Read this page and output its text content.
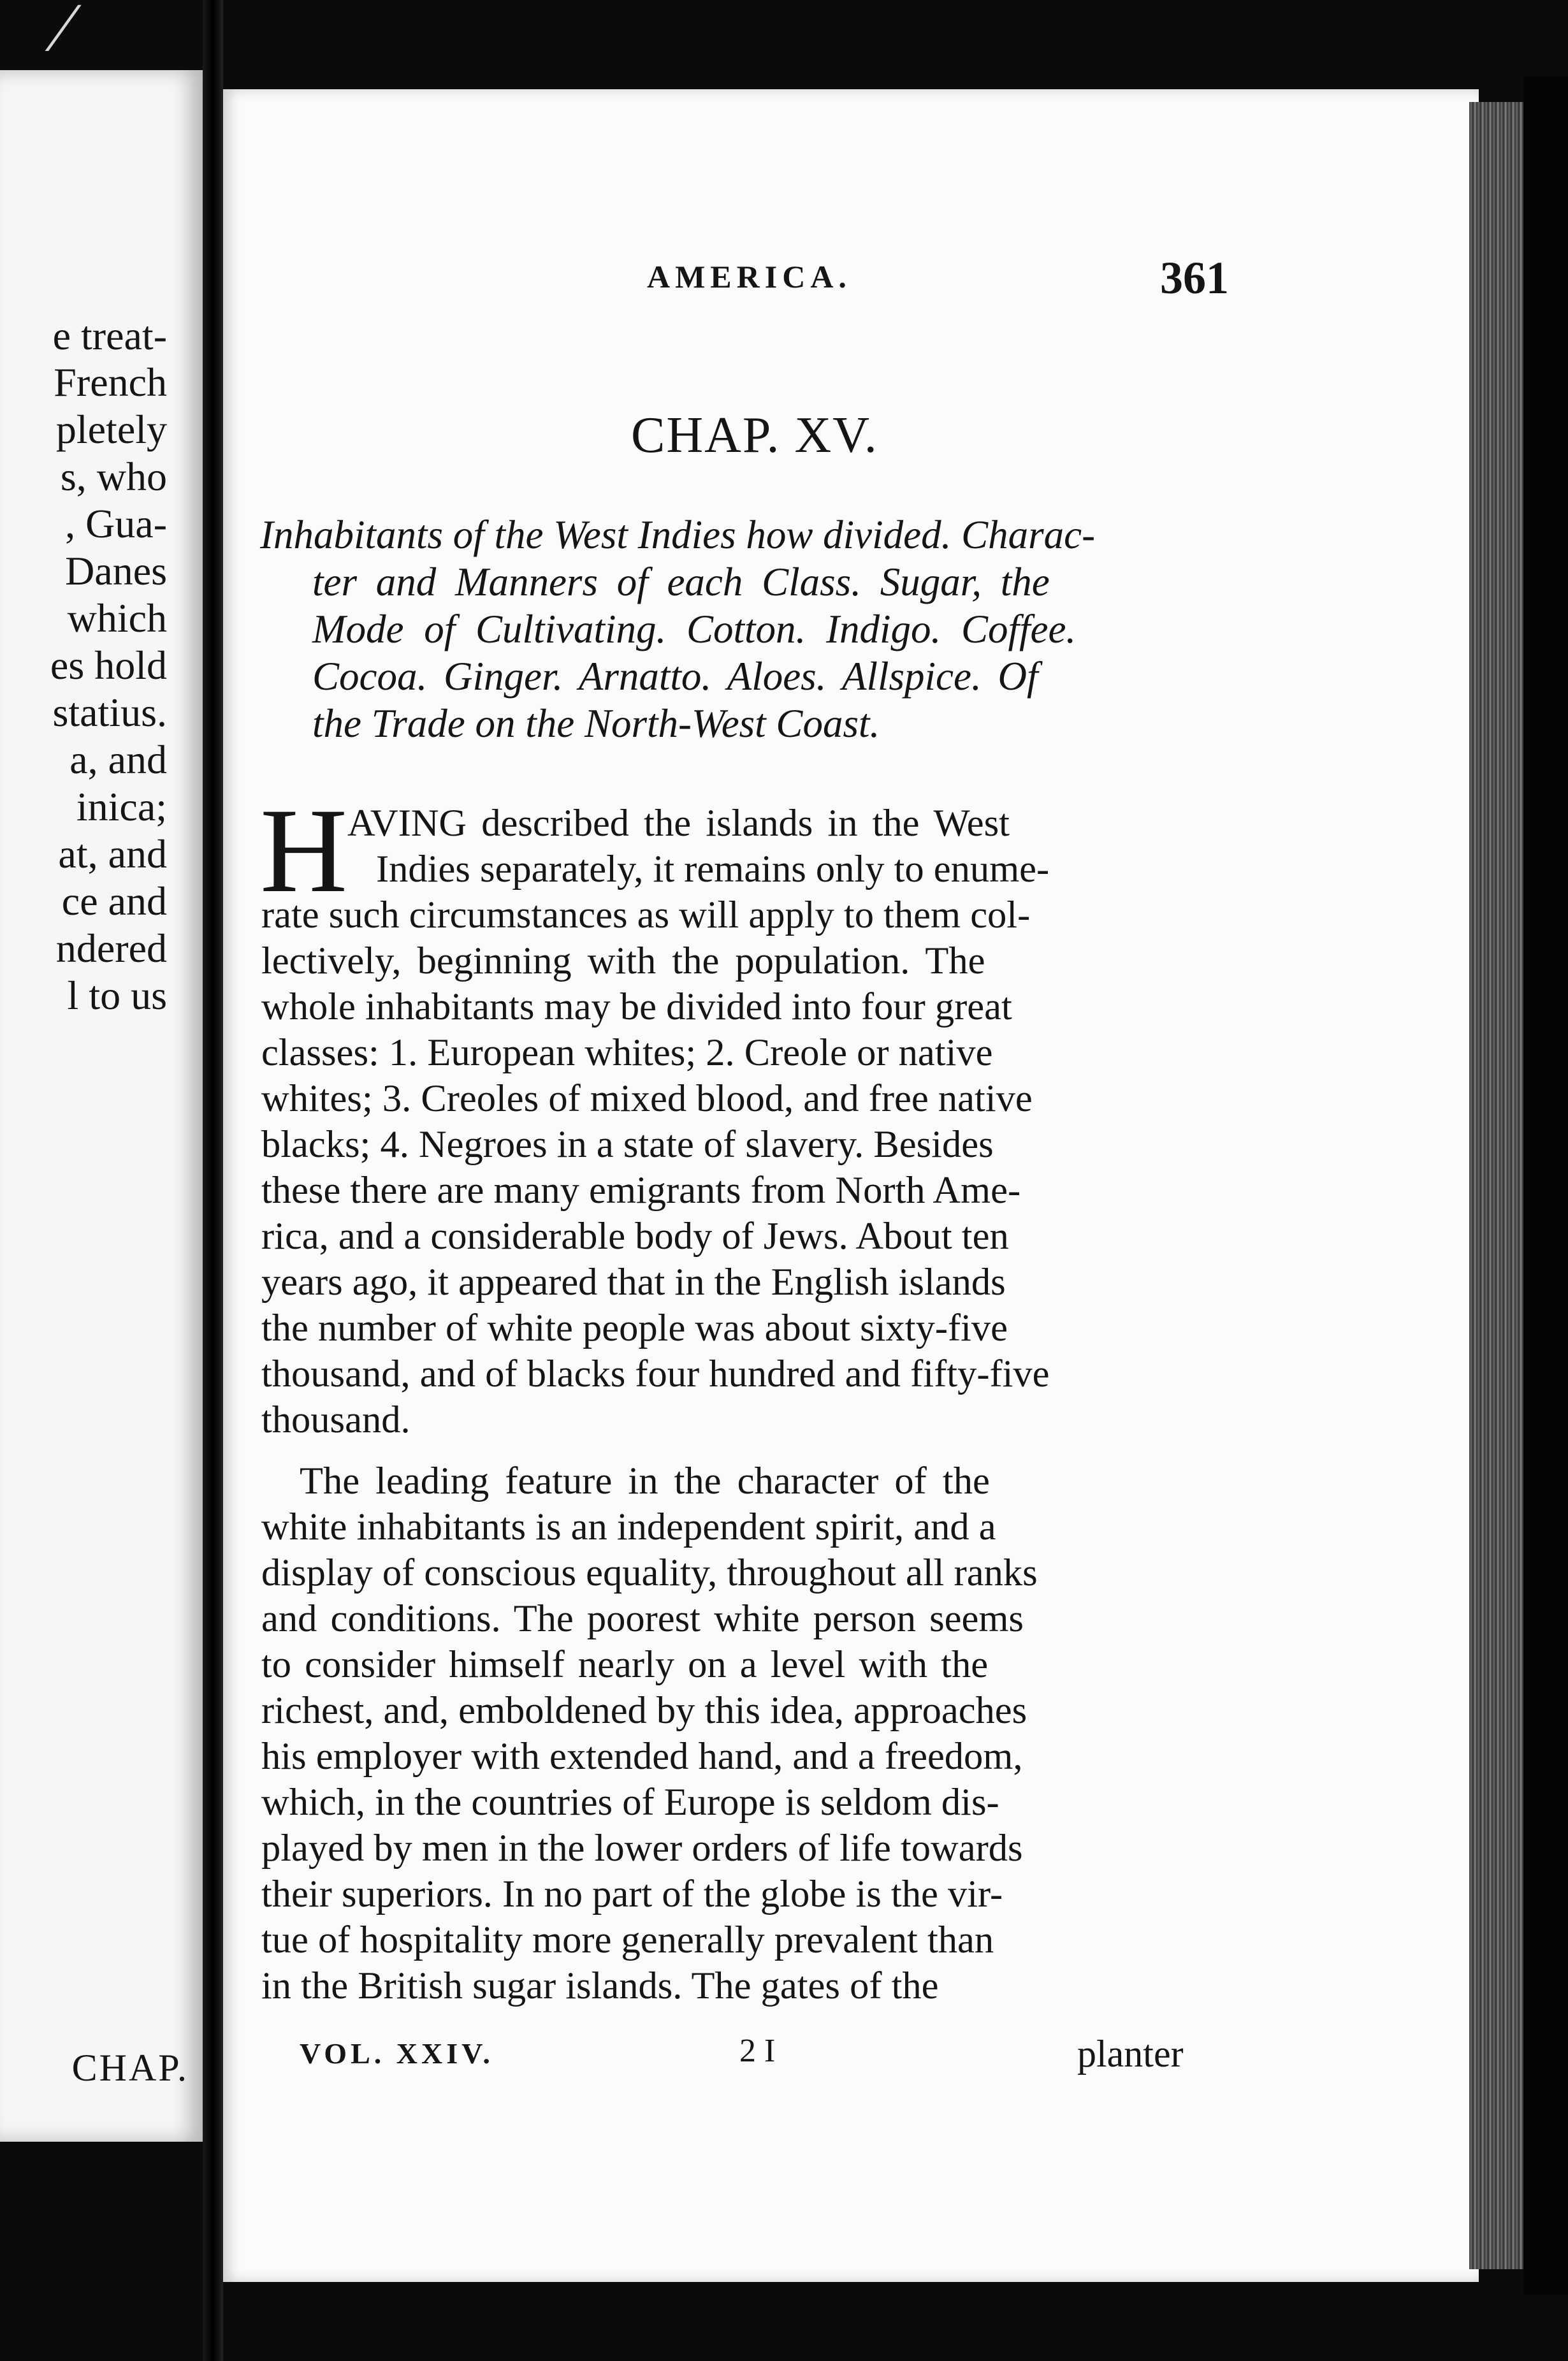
⁄
e treat-
French
pletely
s, who
, Gua-
Danes
which
es hold
statius.
a, and
inica;
at, and
ce and
ndered
l to us
CHAP.
AMERICA.	361
CHAP. XV.
Inhabitants of the West Indies how divided. Charac-
ter and Manners of each Class. Sugar, the
Mode of Cultivating. Cotton. Indigo. Coffee.
Cocoa. Ginger. Arnatto. Aloes. Allspice. Of
the Trade on the North-West Coast.
H AVING described the islands in the West
Indies separately, it remains only to enume-
rate such circumstances as will apply to them col-
lectively, beginning with the population. The
whole inhabitants may be divided into four great
classes: 1. European whites; 2. Creole or native
whites; 3. Creoles of mixed blood, and free native
blacks; 4. Negroes in a state of slavery. Besides
these there are many emigrants from North Ame-
rica, and a considerable body of Jews. About ten
years ago, it appeared that in the English islands
the number of white people was about sixty-five
thousand, and of blacks four hundred and fifty-five
thousand.
The leading feature in the character of the
white inhabitants is an independent spirit, and a
display of conscious equality, throughout all ranks
and conditions. The poorest white person seems
to consider himself nearly on a level with the
richest, and, emboldened by this idea, approaches
his employer with extended hand, and a freedom,
which, in the countries of Europe is seldom dis-
played by men in the lower orders of life towards
their superiors. In no part of the globe is the vir-
tue of hospitality more generally prevalent than
in the British sugar islands. The gates of the
VOL. XXIV.	2 I	planter
